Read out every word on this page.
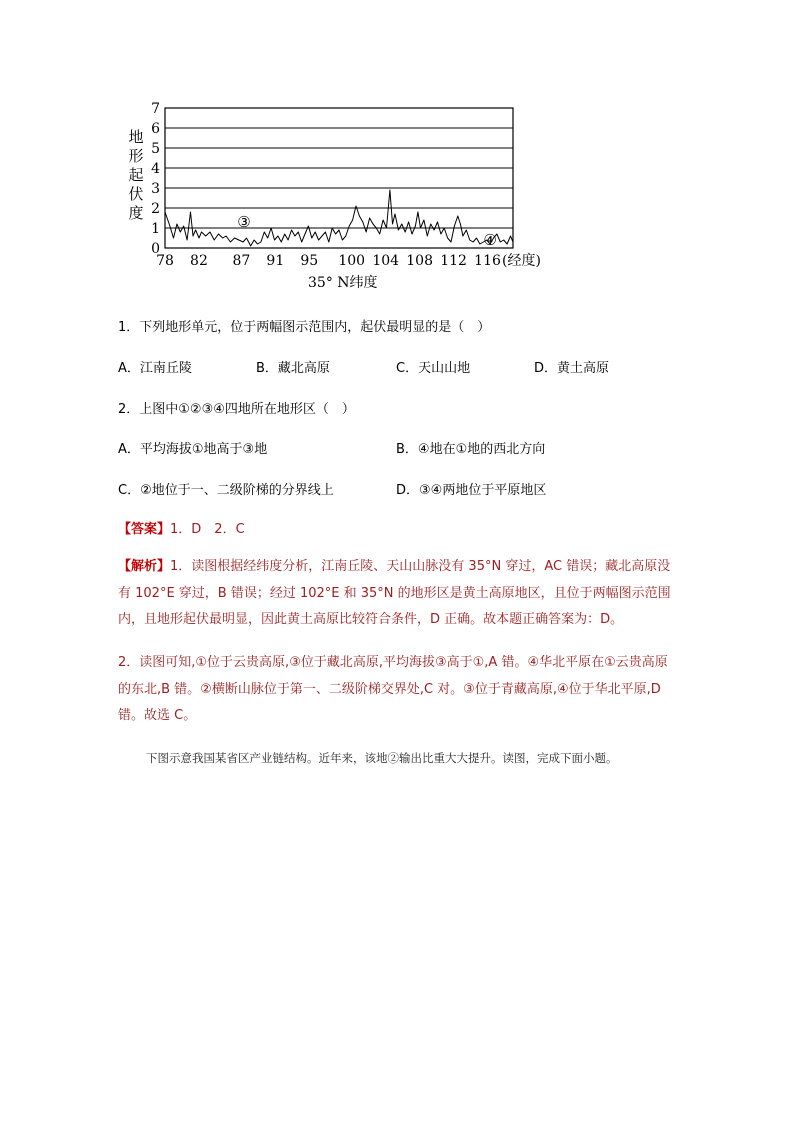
0
1
2
3
4
5
6
7
78 82 87 91 95 100 104 108 112 116
③
④
(经度)
35° N纬度
地形起伏度
1．下列地形单元，位于两幅图示范围内，起伏最明显的是（　）
A．江南丘陵	B．藏北高原	C．天山山地	D．黄土高原
2．上图中①②③④四地所在地形区（　）
A．平均海拔①地高于③地	B．④地在①地的西北方向
C．②地位于一、二级阶梯的分界线上	D．③④两地位于平原地区
【答案】1．D　2．C
【解析】1．读图根据经纬度分析，江南丘陵、天山山脉没有 35°N 穿过，AC 错误；藏北高原没有 102°E 穿过，B 错误；经过 102°E 和 35°N 的地形区是黄土高原地区，且位于两幅图示范围内，且地形起伏最明显，因此黄土高原比较符合条件，D 正确。故本题正确答案为：D。
2．读图可知,①位于云贵高原,③位于藏北高原,平均海拔③高于①,A 错。④华北平原在①云贵高原的东北,B 错。②横断山脉位于第一、二级阶梯交界处,C 对。③位于青藏高原,④位于华北平原,D 错。故选 C。
下图示意我国某省区产业链结构。近年来，该地②输出比重大大提升。读图，完成下面小题。
